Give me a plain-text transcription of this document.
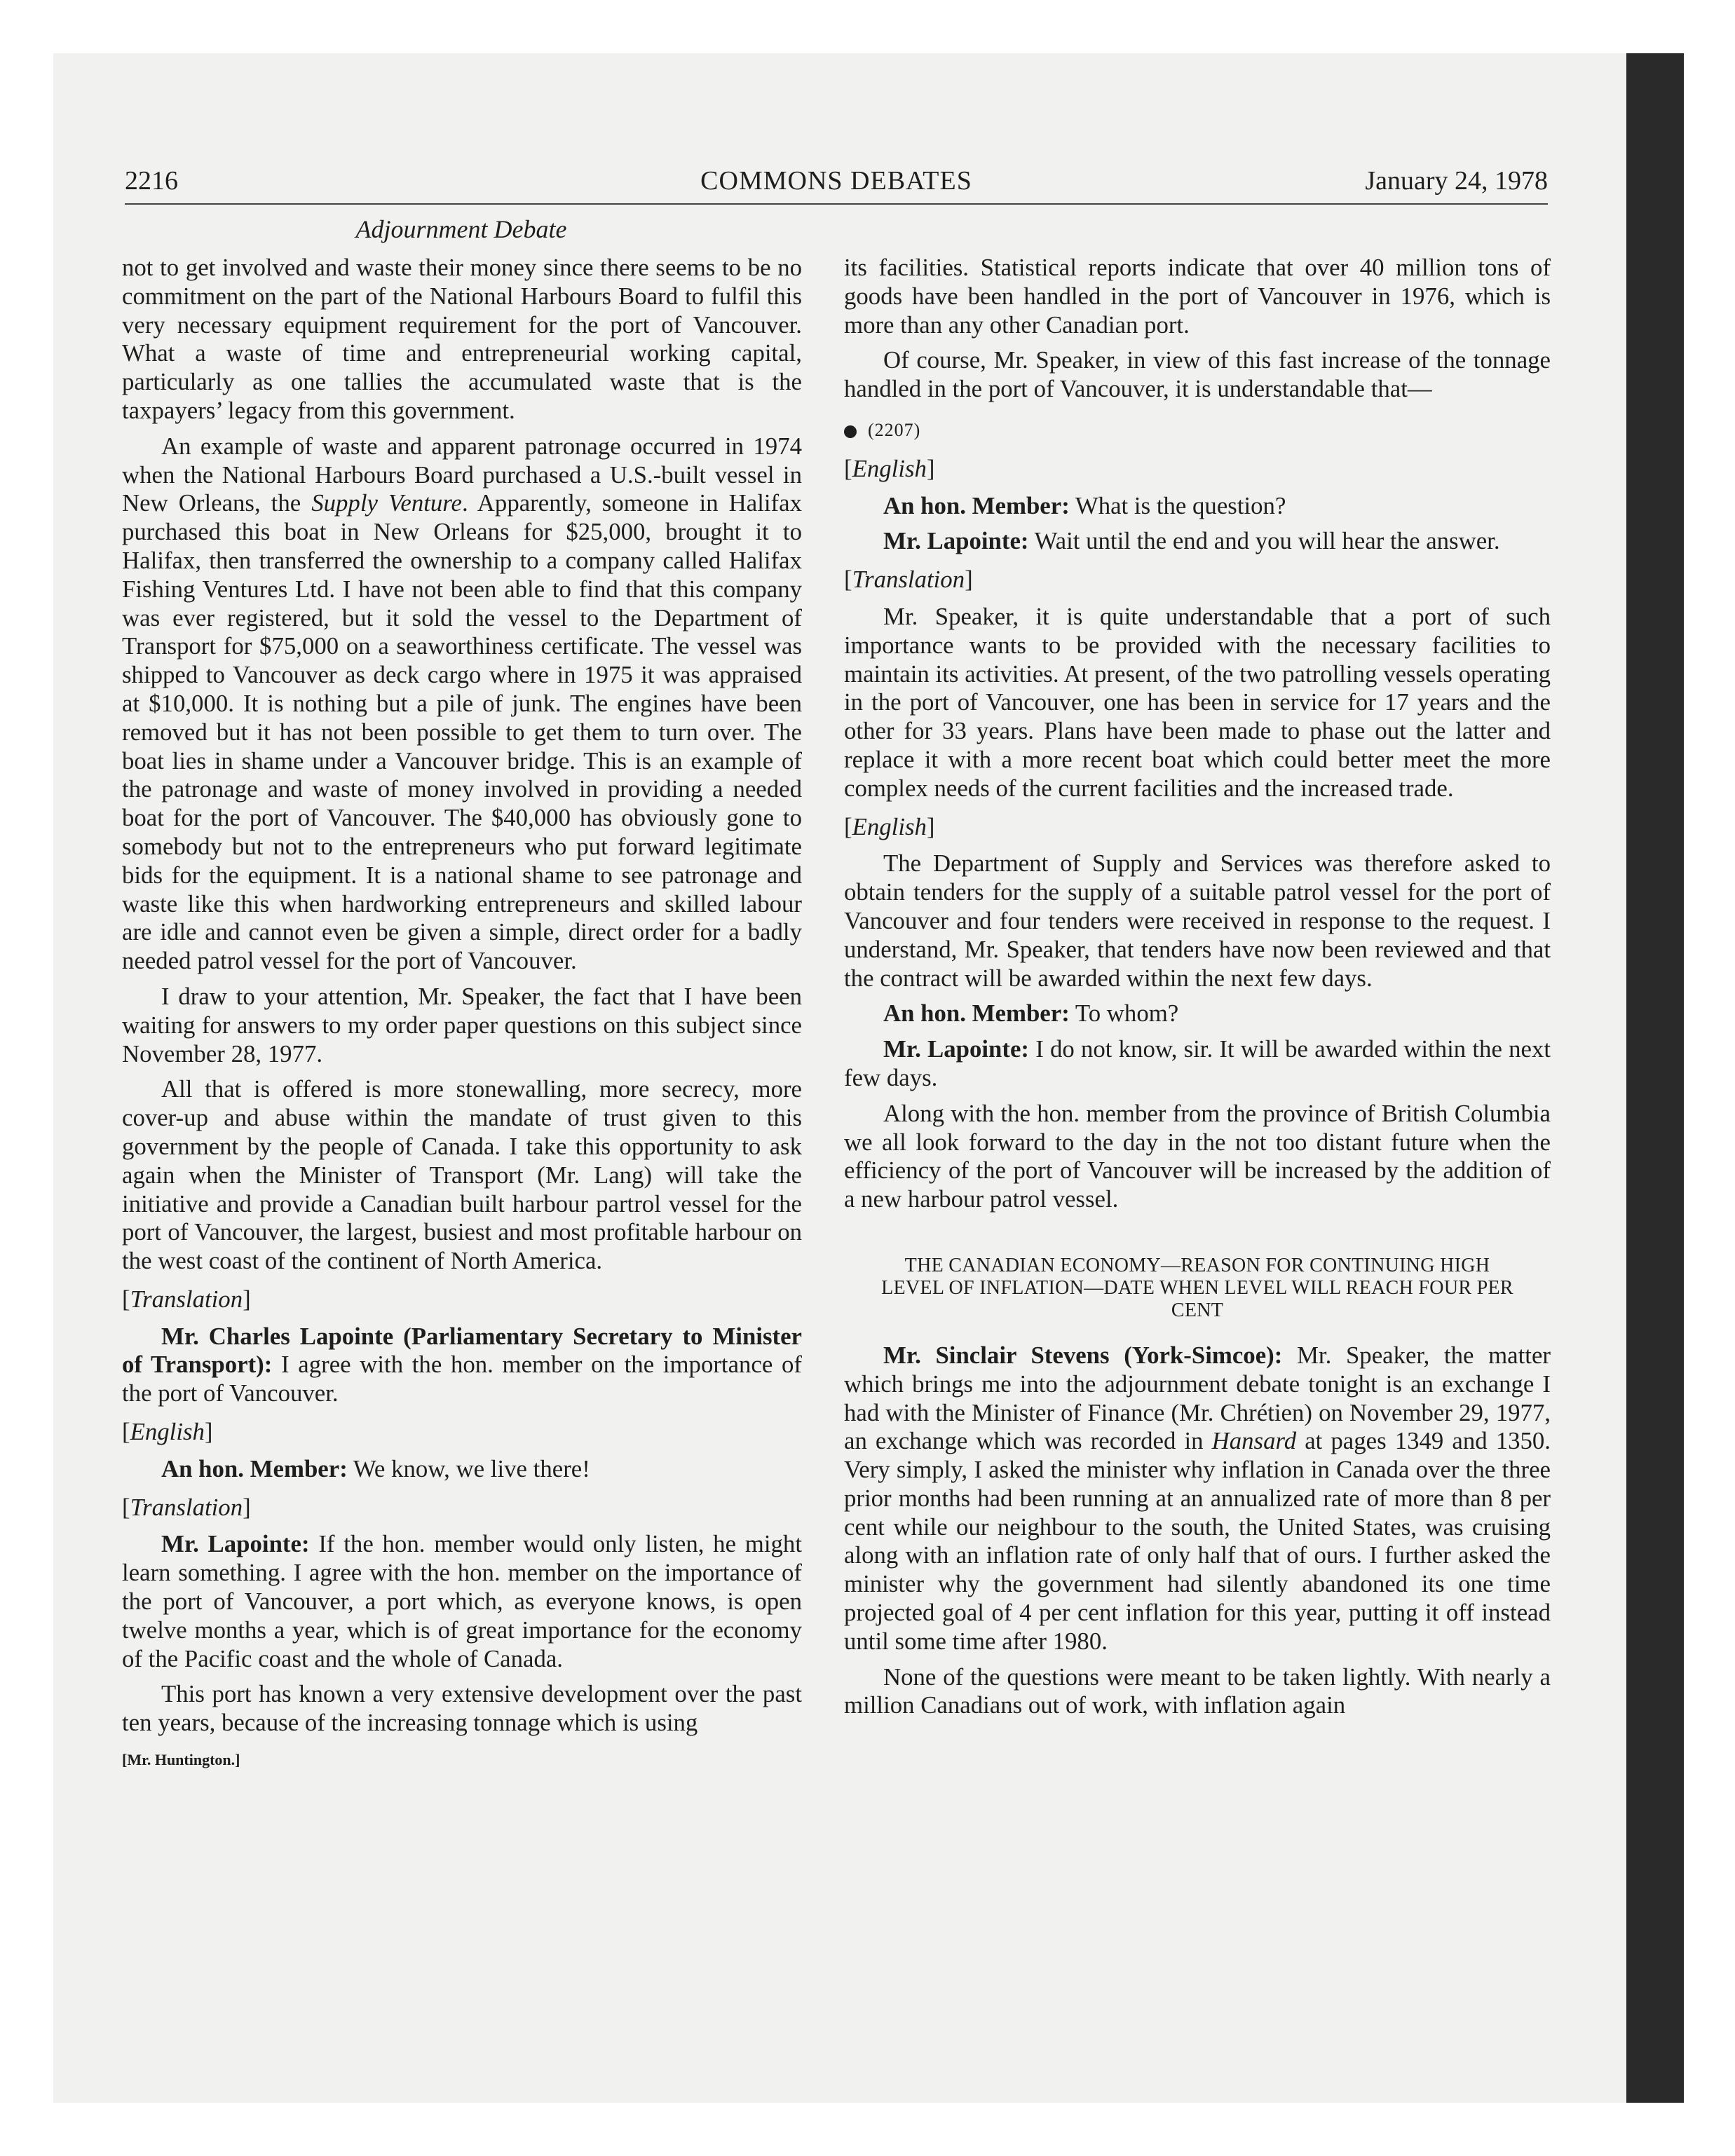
2216	COMMONS DEBATES	January 24, 1978
Adjournment Debate

not to get involved and waste their money since there seems to be no commitment on the part of the National Harbours Board to fulfil this very necessary equipment requirement for the port of Vancouver. What a waste of time and entrepreneurial working capital, particularly as one tallies the accumulated waste that is the taxpayers’ legacy from this government.

An example of waste and apparent patronage occurred in 1974 when the National Harbours Board purchased a U.S.-built vessel in New Orleans, the Supply Venture. Apparently, someone in Halifax purchased this boat in New Orleans for $25,000, brought it to Halifax, then transferred the ownership to a company called Halifax Fishing Ventures Ltd. I have not been able to find that this company was ever registered, but it sold the vessel to the Department of Transport for $75,000 on a seaworthiness certificate. The vessel was shipped to Vancouver as deck cargo where in 1975 it was appraised at $10,000. It is nothing but a pile of junk. The engines have been removed but it has not been possible to get them to turn over. The boat lies in shame under a Vancouver bridge. This is an example of the patronage and waste of money involved in providing a needed boat for the port of Vancouver. The $40,000 has obviously gone to somebody but not to the entrepreneurs who put forward legitimate bids for the equipment. It is a national shame to see patronage and waste like this when hardworking entrepreneurs and skilled labour are idle and cannot even be given a simple, direct order for a badly needed patrol vessel for the port of Vancouver.

I draw to your attention, Mr. Speaker, the fact that I have been waiting for answers to my order paper questions on this subject since November 28, 1977.

All that is offered is more stonewalling, more secrecy, more cover-up and abuse within the mandate of trust given to this government by the people of Canada. I take this opportunity to ask again when the Minister of Transport (Mr. Lang) will take the initiative and provide a Canadian built harbour partrol vessel for the port of Vancouver, the largest, busiest and most profitable harbour on the west coast of the continent of North America.

[Translation]

Mr. Charles Lapointe (Parliamentary Secretary to Minister of Transport): I agree with the hon. member on the importance of the port of Vancouver.

[English]

An hon. Member: We know, we live there!

[Translation]

Mr. Lapointe: If the hon. member would only listen, he might learn something. I agree with the hon. member on the importance of the port of Vancouver, a port which, as everyone knows, is open twelve months a year, which is of great importance for the economy of the Pacific coast and the whole of Canada.

This port has known a very extensive development over the past ten years, because of the increasing tonnage which is using

[Mr. Huntington.]

its facilities. Statistical reports indicate that over 40 million tons of goods have been handled in the port of Vancouver in 1976, which is more than any other Canadian port.

Of course, Mr. Speaker, in view of this fast increase of the tonnage handled in the port of Vancouver, it is understandable that—

(2207)
[English]

An hon. Member: What is the question?

Mr. Lapointe: Wait until the end and you will hear the answer.

[Translation]

Mr. Speaker, it is quite understandable that a port of such importance wants to be provided with the necessary facilities to maintain its activities. At present, of the two patrolling vessels operating in the port of Vancouver, one has been in service for 17 years and the other for 33 years. Plans have been made to phase out the latter and replace it with a more recent boat which could better meet the more complex needs of the current facilities and the increased trade.

[English]

The Department of Supply and Services was therefore asked to obtain tenders for the supply of a suitable patrol vessel for the port of Vancouver and four tenders were received in response to the request. I understand, Mr. Speaker, that tenders have now been reviewed and that the contract will be awarded within the next few days.

An hon. Member: To whom?

Mr. Lapointe: I do not know, sir. It will be awarded within the next few days.

Along with the hon. member from the province of British Columbia we all look forward to the day in the not too distant future when the efficiency of the port of Vancouver will be increased by the addition of a new harbour patrol vessel.

THE CANADIAN ECONOMY—REASON FOR CONTINUING HIGH LEVEL OF INFLATION—DATE WHEN LEVEL WILL REACH FOUR PER CENT

Mr. Sinclair Stevens (York-Simcoe): Mr. Speaker, the matter which brings me into the adjournment debate tonight is an exchange I had with the Minister of Finance (Mr. Chrétien) on November 29, 1977, an exchange which was recorded in Hansard at pages 1349 and 1350. Very simply, I asked the minister why inflation in Canada over the three prior months had been running at an annualized rate of more than 8 per cent while our neighbour to the south, the United States, was cruising along with an inflation rate of only half that of ours. I further asked the minister why the government had silently abandoned its one time projected goal of 4 per cent inflation for this year, putting it off instead until some time after 1980.

None of the questions were meant to be taken lightly. With nearly a million Canadians out of work, with inflation again
